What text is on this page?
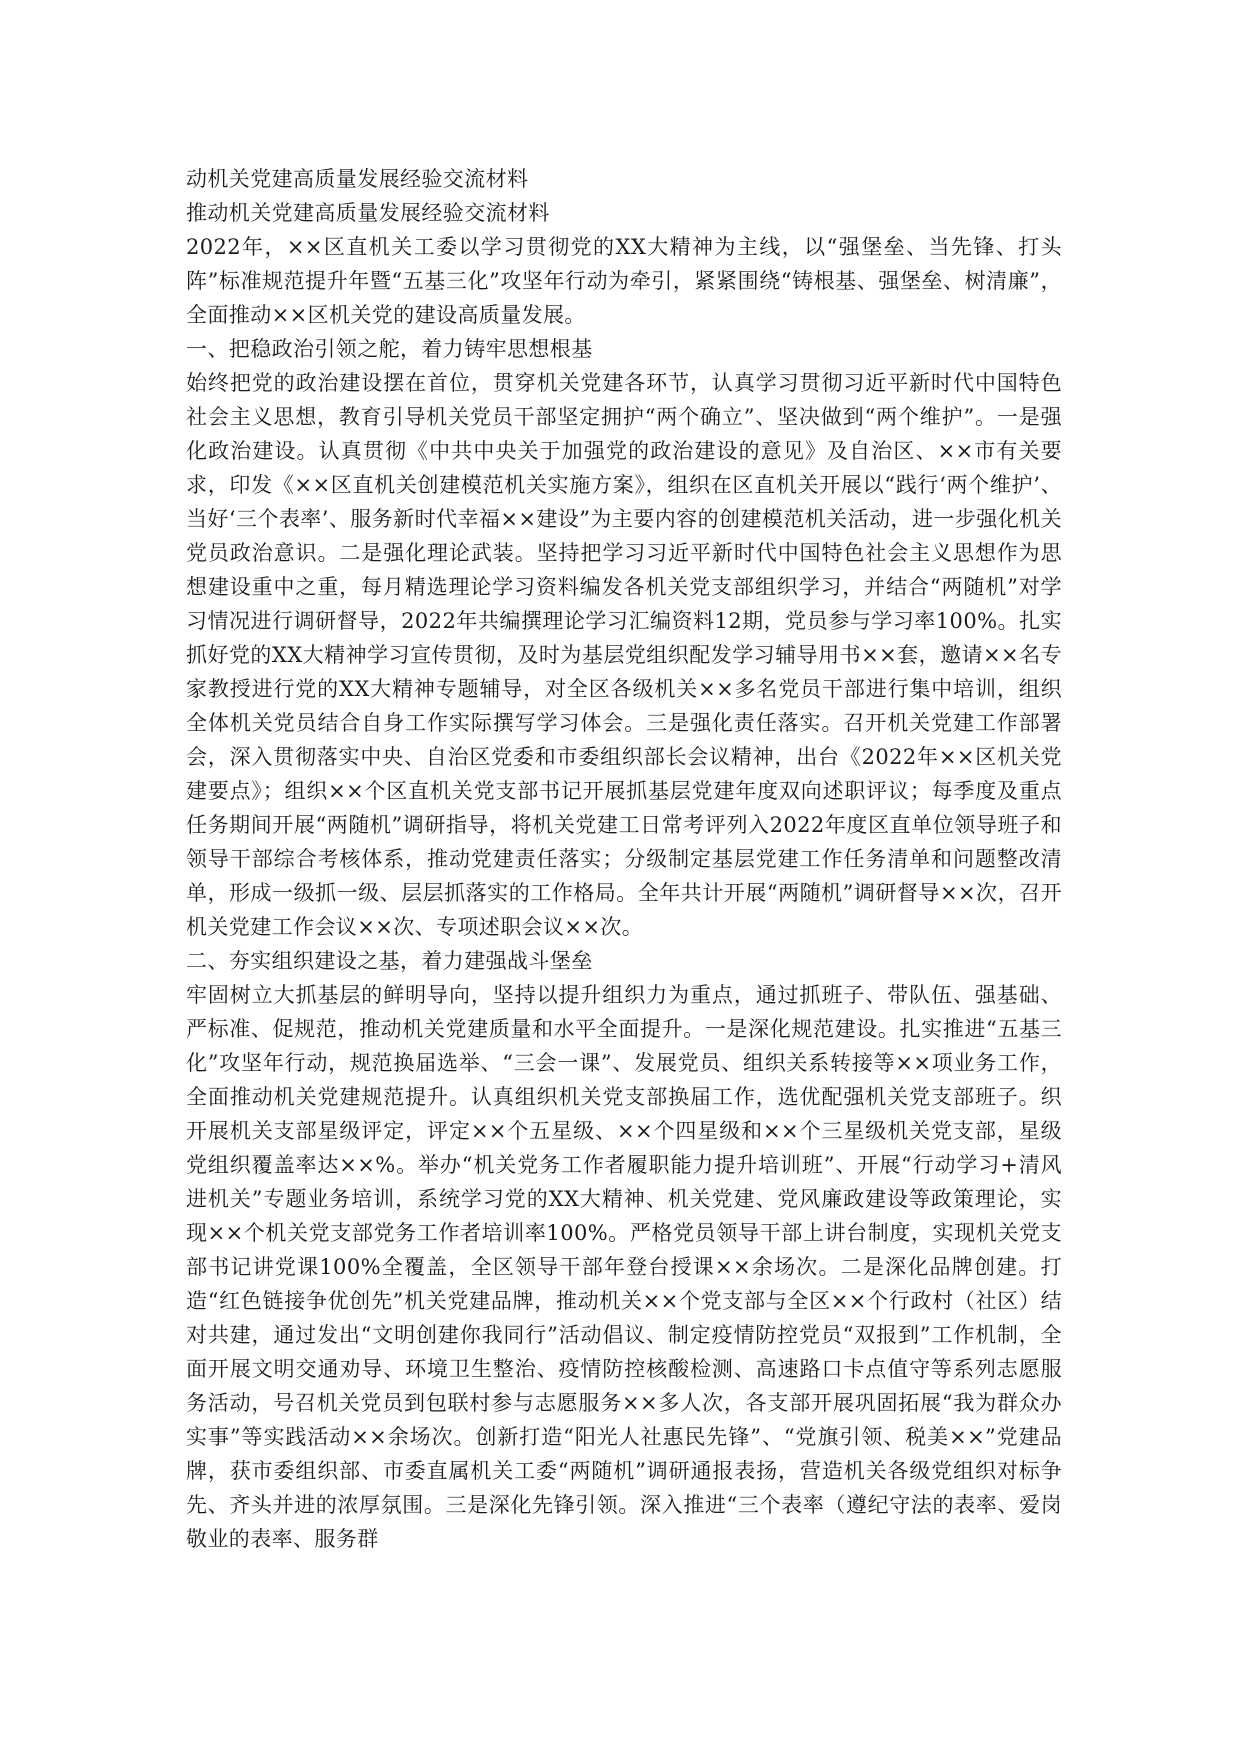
动机关党建高质量发展经验交流材料

推动机关党建高质量发展经验交流材料

2022年，××区直机关工委以学习贯彻党的XX大精神为主线，以“强堡垒、当先锋、打头阵”标准规范提升年暨“五基三化”攻坚年行动为牵引，紧紧围绕“铸根基、强堡垒、树清廉”，全面推动××区机关党的建设高质量发展。

一、把稳政治引领之舵，着力铸牢思想根基

始终把党的政治建设摆在首位，贯穿机关党建各环节，认真学习贯彻习近平新时代中国特色社会主义思想，教育引导机关党员干部坚定拥护“两个确立”、坚决做到“两个维护”。一是强化政治建设。认真贯彻《中共中央关于加强党的政治建设的意见》及自治区、××市有关要求，印发《××区直机关创建模范机关实施方案》，组织在区直机关开展以“践行‘两个维护’、当好‘三个表率’、服务新时代幸福××建设”为主要内容的创建模范机关活动，进一步强化机关党员政治意识。二是强化理论武装。坚持把学习习近平新时代中国特色社会主义思想作为思想建设重中之重，每月精选理论学习资料编发各机关党支部组织学习，并结合“两随机”对学习情况进行调研督导，2022年共编撰理论学习汇编资料12期，党员参与学习率100%。扎实抓好党的XX大精神学习宣传贯彻，及时为基层党组织配发学习辅导用书××套，邀请××名专家教授进行党的XX大精神专题辅导，对全区各级机关××多名党员干部进行集中培训，组织全体机关党员结合自身工作实际撰写学习体会。三是强化责任落实。召开机关党建工作部署会，深入贯彻落实中央、自治区党委和市委组织部长会议精神，出台《2022年××区机关党建要点》；组织××个区直机关党支部书记开展抓基层党建年度双向述职评议；每季度及重点任务期间开展“两随机”调研指导，将机关党建工日常考评列入2022年度区直单位领导班子和领导干部综合考核体系，推动党建责任落实；分级制定基层党建工作任务清单和问题整改清单，形成一级抓一级、层层抓落实的工作格局。全年共计开展“两随机”调研督导××次，召开机关党建工作会议××次、专项述职会议××次。

二、夯实组织建设之基，着力建强战斗堡垒

牢固树立大抓基层的鲜明导向，坚持以提升组织力为重点，通过抓班子、带队伍、强基础、严标准、促规范，推动机关党建质量和水平全面提升。一是深化规范建设。扎实推进“五基三化”攻坚年行动，规范换届选举、“三会一课”、发展党员、组织关系转接等××项业务工作，全面推动机关党建规范提升。认真组织机关党支部换届工作，选优配强机关党支部班子。织开展机关支部星级评定，评定××个五星级、××个四星级和××个三星级机关党支部，星级党组织覆盖率达××%。举办“机关党务工作者履职能力提升培训班”、开展“行动学习+清风进机关”专题业务培训，系统学习党的XX大精神、机关党建、党风廉政建设等政策理论，实现××个机关党支部党务工作者培训率100%。严格党员领导干部上讲台制度，实现机关党支部书记讲党课100%全覆盖，全区领导干部年登台授课××余场次。二是深化品牌创建。打造“红色链接争优创先”机关党建品牌，推动机关××个党支部与全区××个行政村（社区）结对共建，通过发出“文明创建你我同行”活动倡议、制定疫情防控党员“双报到”工作机制，全面开展文明交通劝导、环境卫生整治、疫情防控核酸检测、高速路口卡点值守等系列志愿服务活动，号召机关党员到包联村参与志愿服务××多人次，各支部开展巩固拓展“我为群众办实事”等实践活动××余场次。创新打造“阳光人社惠民先锋”、“党旗引领、税美××”党建品牌，获市委组织部、市委直属机关工委“两随机”调研通报表扬，营造机关各级党组织对标争先、齐头并进的浓厚氛围。三是深化先锋引领。深入推进“三个表率（遵纪守法的表率、爱岗敬业的表率、服务群
